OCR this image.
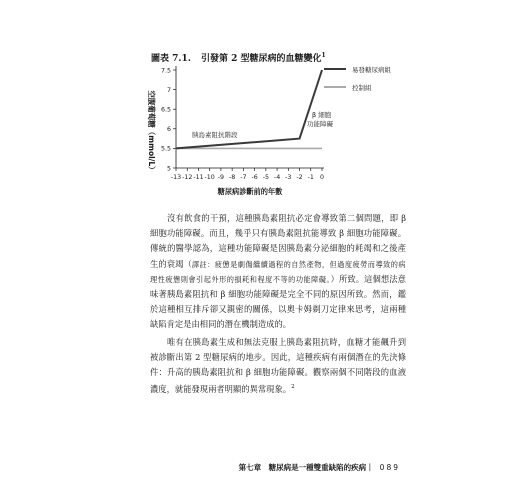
圖表 7.1. 引發第 2 型糖尿病的血糖變化$^1$
5
5.5
6
6.5
7
7.5
-13 -12 -11 -10 -9 -8 -7 -6 -5 -4 -3 -2 -1 0
空腹葡萄糖（mmol/L）
糖尿病診斷前的年數
胰島素阻抗階段
β 細胞
功能障礙
易發糖尿病組
控制組

沒有飲食的干預，這種胰島素阻抗必定會導致第二個問題，即 β 細胞功能障礙。而且，幾乎只有胰島素阻抗能導致 β 細胞功能障礙。傳統的醫學認為，這種功能障礙是因胰島素分泌細胞的耗竭和之後產生的衰竭（譯註：疲憊是劇傷繼續過程的自然產物，但過度疲勞而導致的病理性疲憊則會引起外形的損耗和程度不等的功能障礙。）所致。這個想法意味著胰島素阻抗和 β 細胞功能障礙是完全不同的原因所致。然而，鑑於這種相互排斥卻又親密的關係，以奧卡姆剃刀定律來思考，這兩種缺陷肯定是由相同的潛在機制造成的。

唯有在胰島素生成和無法克服上胰島素阻抗時，血糖才能飆升到被診斷出第 2 型糖尿病的地步。因此，這種疾病有兩個潛在的先決條件：升高的胰島素阻抗和 β 細胞功能障礙。觀察兩個不同階段的血液濃度，就能發現兩者明顯的異常現象。$^2$

第七章　糖尿病是一種雙重缺陷的疾病｜ 089
